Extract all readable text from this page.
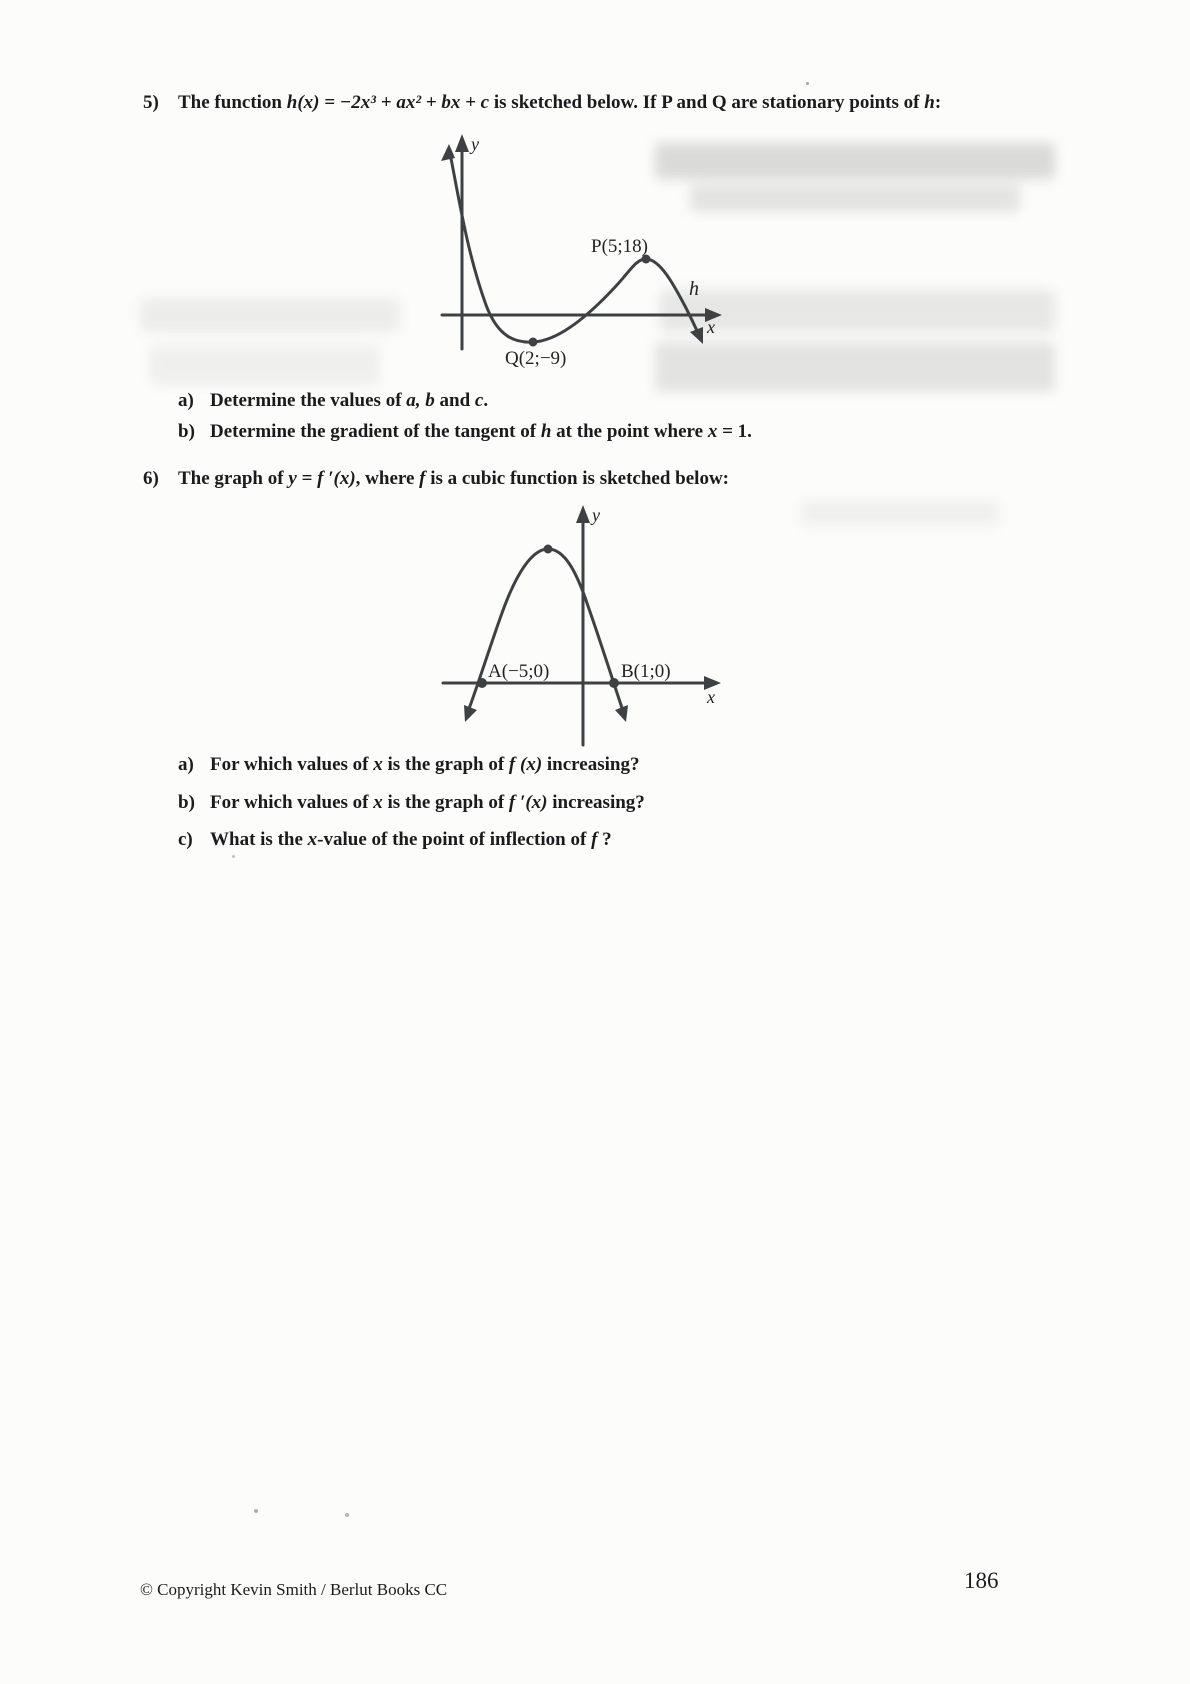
5)	The function h(x) = −2x³ + ax² + bx + c is sketched below. If P and Q are stationary points of h:
y
x
h
P(5;18)
Q(2;−9)
a) Determine the values of a, b and c.
b) Determine the gradient of the tangent of h at the point where x = 1.
6)	The graph of y = f ′(x), where f is a cubic function is sketched below:
y
x
A(−5;0)	B(1;0)
a) For which values of x is the graph of f (x) increasing?
b) For which values of x is the graph of f ′(x) increasing?
c) What is the x-value of the point of inflection of f ?
© Copyright Kevin Smith / Berlut Books CC	186
